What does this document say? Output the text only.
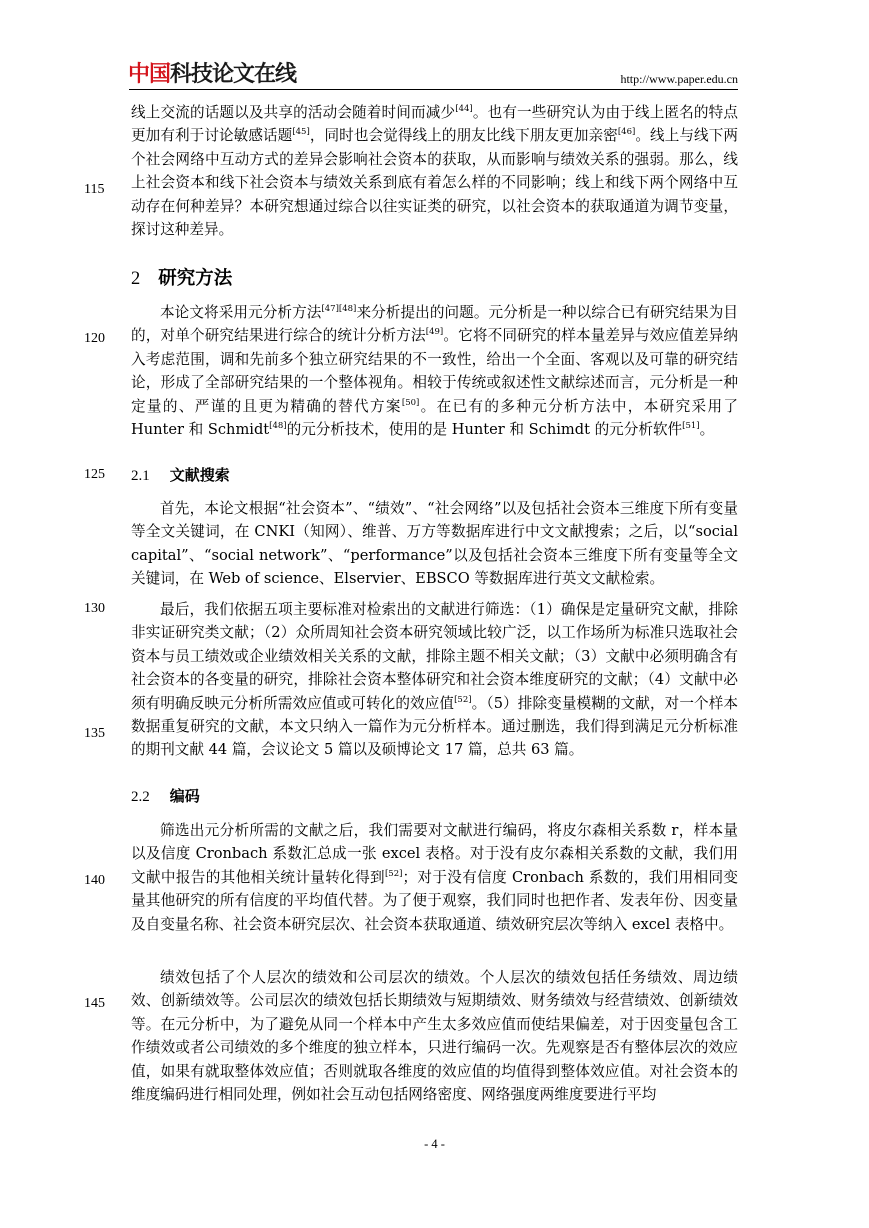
中国科技论文在线	http://www.paper.edu.cn
115
120
125
130
135
140
145
线上交流的话题以及共享的活动会随着时间而减少[44]。也有一些研究认为由于线上匿名的特点更加有利于讨论敏感话题[45]，同时也会觉得线上的朋友比线下朋友更加亲密[46]。线上与线下两个社会网络中互动方式的差异会影响社会资本的获取，从而影响与绩效关系的强弱。那么，线上社会资本和线下社会资本与绩效关系到底有着怎么样的不同影响；线上和线下两个网络中互动存在何种差异？本研究想通过综合以往实证类的研究，以社会资本的获取通道为调节变量，探讨这种差异。
2 研究方法
本论文将采用元分析方法[47][48]来分析提出的问题。元分析是一种以综合已有研究结果为目的，对单个研究结果进行综合的统计分析方法[49]。它将不同研究的样本量差异与效应值差异纳入考虑范围，调和先前多个独立研究结果的不一致性，给出一个全面、客观以及可靠的研究结论，形成了全部研究结果的一个整体视角。相较于传统或叙述性文献综述而言，元分析是一种定量的、严谨的且更为精确的替代方案[50]。在已有的多种元分析方法中，本研究采用了 Hunter 和 Schmidt[48]的元分析技术，使用的是 Hunter 和 Schimdt 的元分析软件[51]。
2.1 文献搜索
首先，本论文根据“社会资本”、“绩效”、“社会网络”以及包括社会资本三维度下所有变量等全文关键词，在 CNKI（知网）、维普、万方等数据库进行中文文献搜索；之后，以“social capital”、“social network”、“performance”以及包括社会资本三维度下所有变量等全文关键词，在 Web of science、Elservier、EBSCO 等数据库进行英文文献检索。
最后，我们依据五项主要标准对检索出的文献进行筛选：（1）确保是定量研究文献，排除非实证研究类文献；（2）众所周知社会资本研究领域比较广泛，以工作场所为标准只选取社会资本与员工绩效或企业绩效相关关系的文献，排除主题不相关文献；（3）文献中必须明确含有社会资本的各变量的研究，排除社会资本整体研究和社会资本维度研究的文献；（4）文献中必须有明确反映元分析所需效应值或可转化的效应值[52]。（5）排除变量模糊的文献，对一个样本数据重复研究的文献，本文只纳入一篇作为元分析样本。通过删选，我们得到满足元分析标准的期刊文献 44 篇，会议论文 5 篇以及硕博论文 17 篇，总共 63 篇。
2.2 编码
筛选出元分析所需的文献之后，我们需要对文献进行编码，将皮尔森相关系数 r，样本量以及信度 Cronbach 系数汇总成一张 excel 表格。对于没有皮尔森相关系数的文献，我们用文献中报告的其他相关统计量转化得到[52]；对于没有信度 Cronbach 系数的，我们用相同变量其他研究的所有信度的平均值代替。为了便于观察，我们同时也把作者、发表年份、因变量及自变量名称、社会资本研究层次、社会资本获取通道、绩效研究层次等纳入 excel 表格中。
绩效包括了个人层次的绩效和公司层次的绩效。个人层次的绩效包括任务绩效、周边绩效、创新绩效等。公司层次的绩效包括长期绩效与短期绩效、财务绩效与经营绩效、创新绩效等。在元分析中，为了避免从同一个样本中产生太多效应值而使结果偏差，对于因变量包含工作绩效或者公司绩效的多个维度的独立样本，只进行编码一次。先观察是否有整体层次的效应值，如果有就取整体效应值；否则就取各维度的效应值的均值得到整体效应值。对社会资本的维度编码进行相同处理，例如社会互动包括网络密度、网络强度两维度要进行平均
- 4 -
